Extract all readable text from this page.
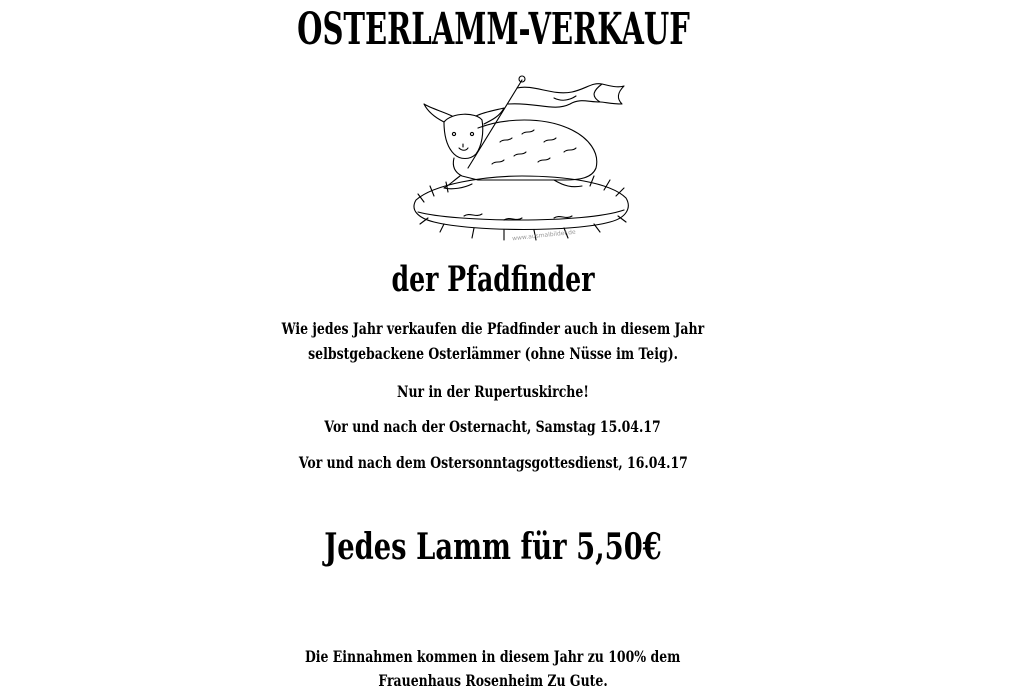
OSTERLAMM-VERKAUF
www.ausmalbilder.de
der Pfadfinder
Wie jedes Jahr verkaufen die Pfadfinder auch in diesem Jahr
selbstgebackene Osterlämmer (ohne Nüsse im Teig).
Nur in der Rupertuskirche!
Vor und nach der Osternacht, Samstag 15.04.17
Vor und nach dem Ostersonntagsgottesdienst, 16.04.17
Jedes Lamm für 5,50€
Die Einnahmen kommen in diesem Jahr zu 100% dem
Frauenhaus Rosenheim Zu Gute.
